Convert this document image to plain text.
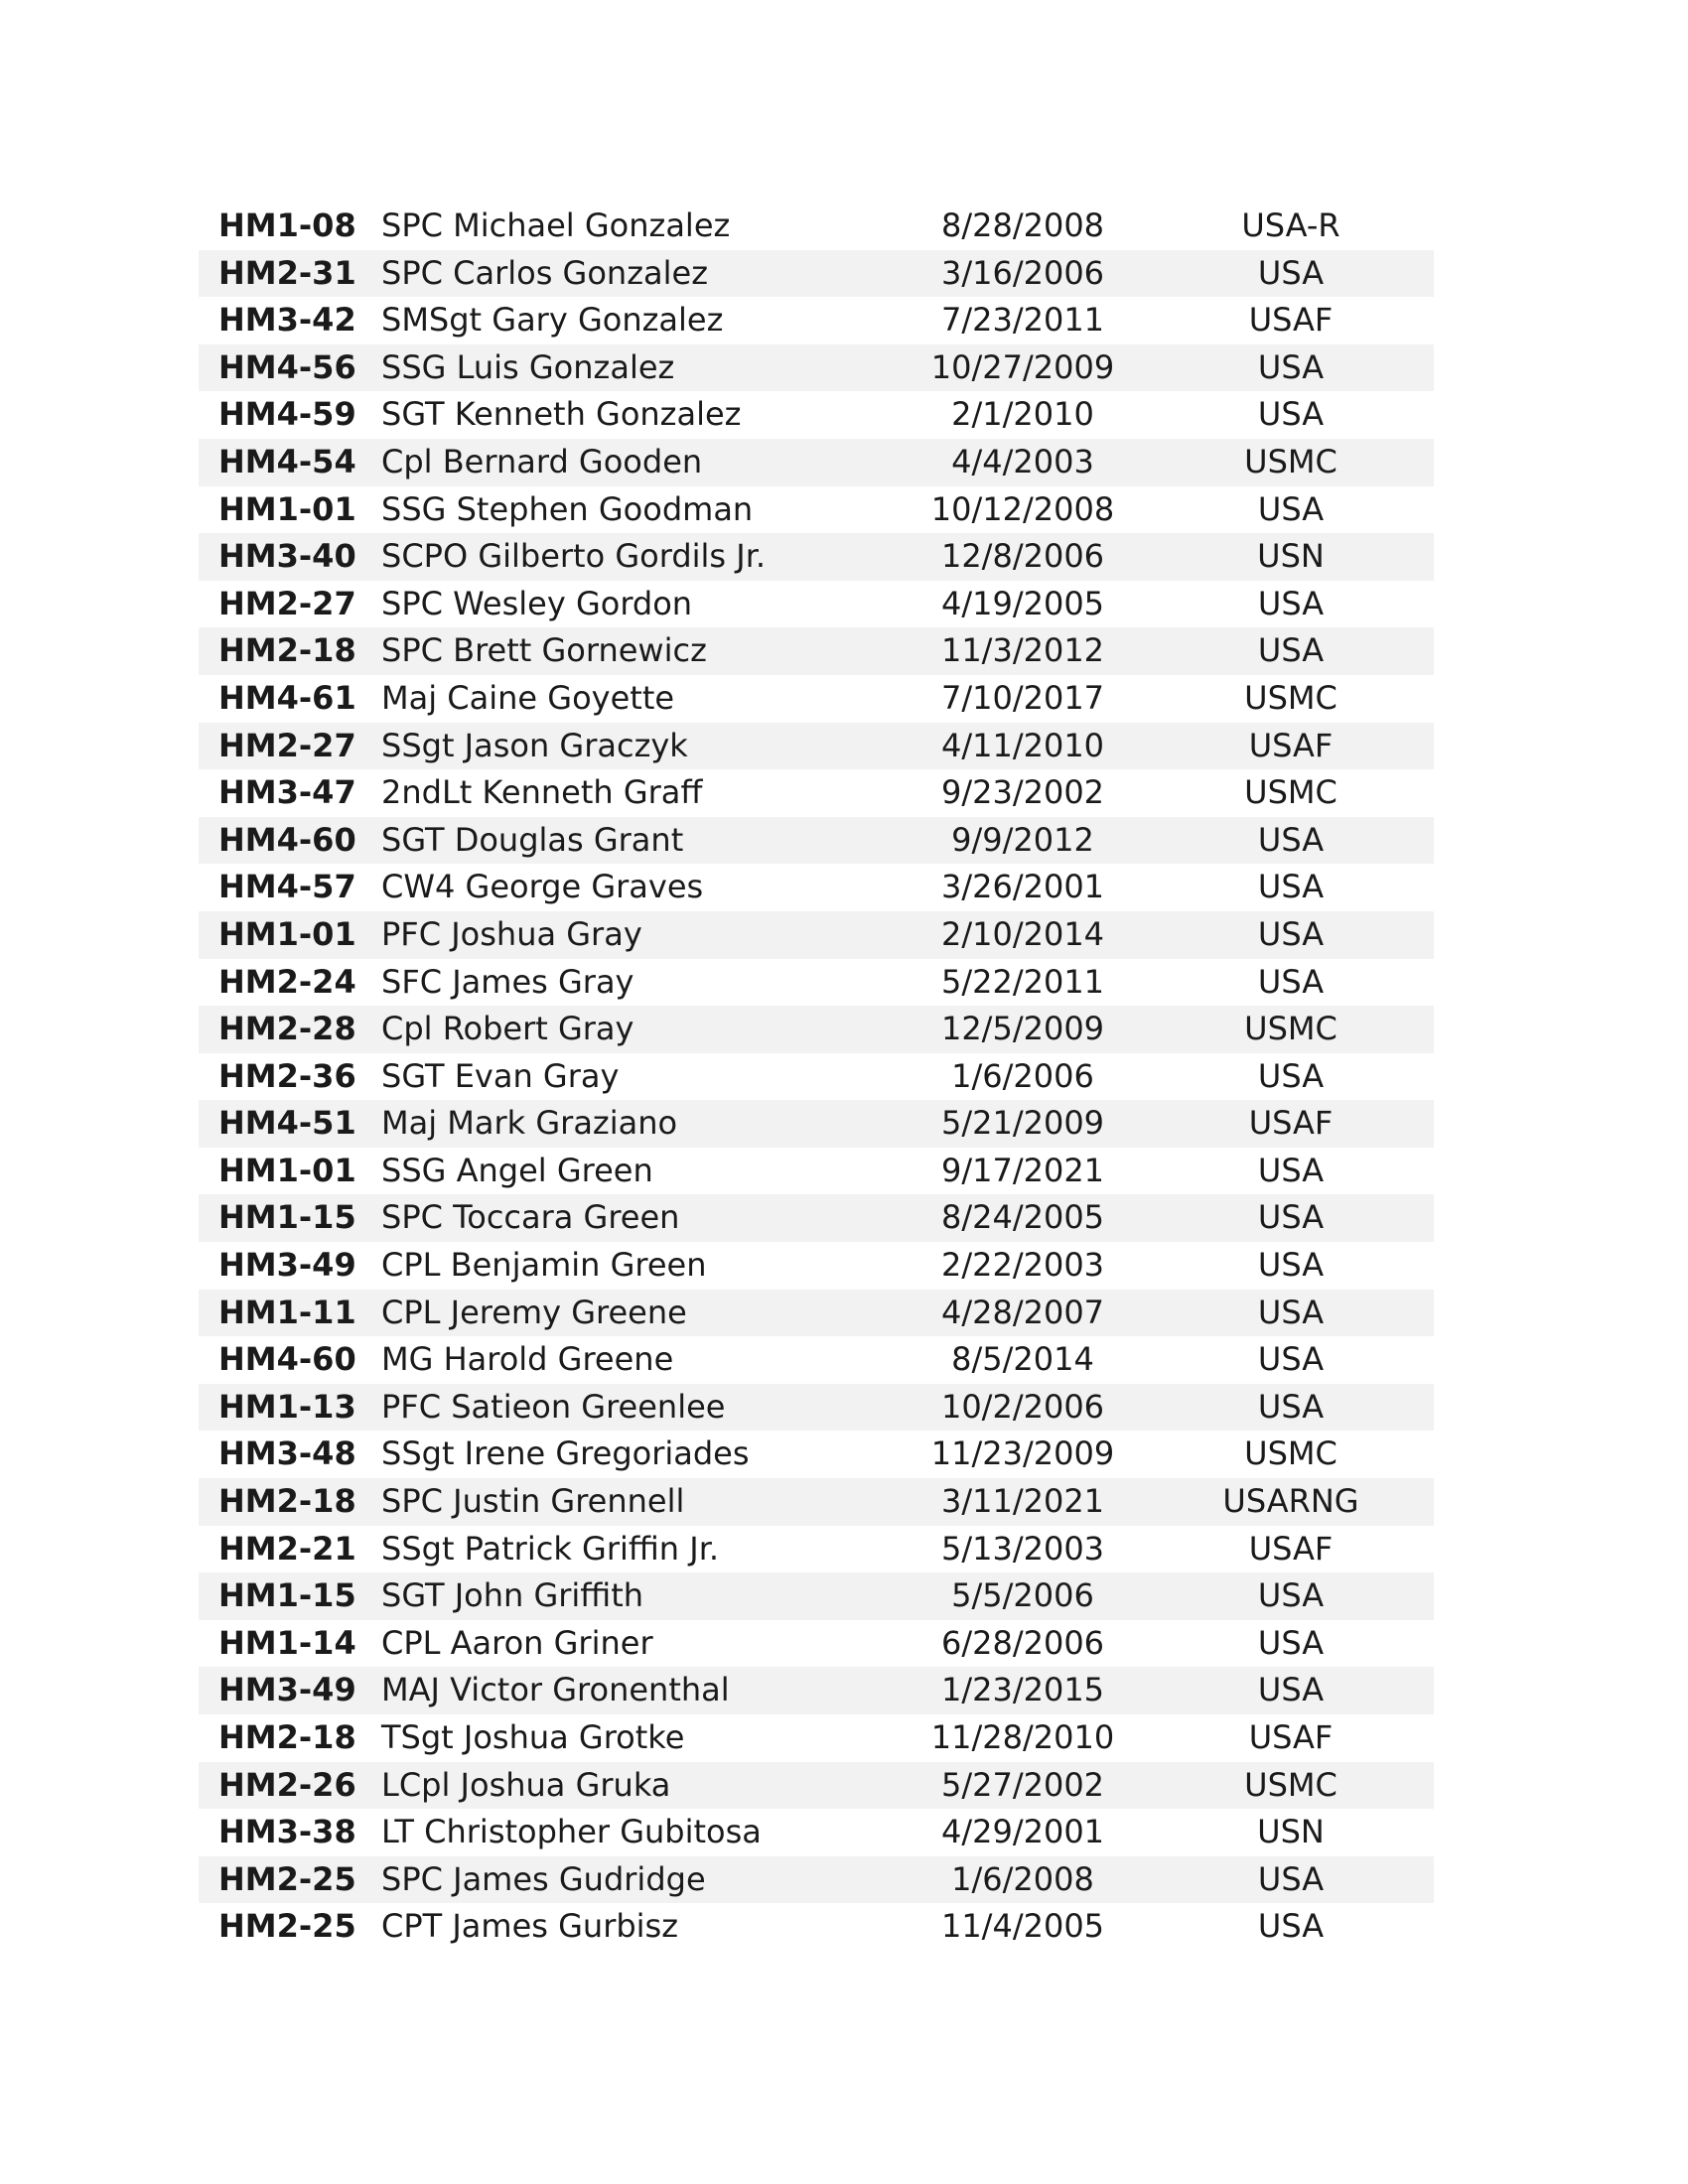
HM1-08 SPC Michael Gonzalez	8/28/2008	USA-R
HM2-31 SPC Carlos Gonzalez	3/16/2006	USA
HM3-42 SMSgt Gary Gonzalez	7/23/2011	USAF
HM4-56 SSG Luis Gonzalez	10/27/2009	USA
HM4-59 SGT Kenneth Gonzalez	2/1/2010	USA
HM4-54 Cpl Bernard Gooden	4/4/2003	USMC
HM1-01 SSG Stephen Goodman	10/12/2008	USA
HM3-40 SCPO Gilberto Gordils Jr.	12/8/2006	USN
HM2-27 SPC Wesley Gordon	4/19/2005	USA
HM2-18 SPC Brett Gornewicz	11/3/2012	USA
HM4-61 Maj Caine Goyette	7/10/2017	USMC
HM2-27 SSgt Jason Graczyk	4/11/2010	USAF
HM3-47 2ndLt Kenneth Graff	9/23/2002	USMC
HM4-60 SGT Douglas Grant	9/9/2012	USA
HM4-57 CW4 George Graves	3/26/2001	USA
HM1-01 PFC Joshua Gray	2/10/2014	USA
HM2-24 SFC James Gray	5/22/2011	USA
HM2-28 Cpl Robert Gray	12/5/2009	USMC
HM2-36 SGT Evan Gray	1/6/2006	USA
HM4-51 Maj Mark Graziano	5/21/2009	USAF
HM1-01 SSG Angel Green	9/17/2021	USA
HM1-15 SPC Toccara Green	8/24/2005	USA
HM3-49 CPL Benjamin Green	2/22/2003	USA
HM1-11 CPL Jeremy Greene	4/28/2007	USA
HM4-60 MG Harold Greene	8/5/2014	USA
HM1-13 PFC Satieon Greenlee	10/2/2006	USA
HM3-48 SSgt Irene Gregoriades	11/23/2009	USMC
HM2-18 SPC Justin Grennell	3/11/2021	USARNG
HM2-21 SSgt Patrick Griffin Jr.	5/13/2003	USAF
HM1-15 SGT John Griffith	5/5/2006	USA
HM1-14 CPL Aaron Griner	6/28/2006	USA
HM3-49 MAJ Victor Gronenthal	1/23/2015	USA
HM2-18 TSgt Joshua Grotke	11/28/2010	USAF
HM2-26 LCpl Joshua Gruka	5/27/2002	USMC
HM3-38 LT Christopher Gubitosa	4/29/2001	USN
HM2-25 SPC James Gudridge	1/6/2008	USA
HM2-25 CPT James Gurbisz	11/4/2005	USA
